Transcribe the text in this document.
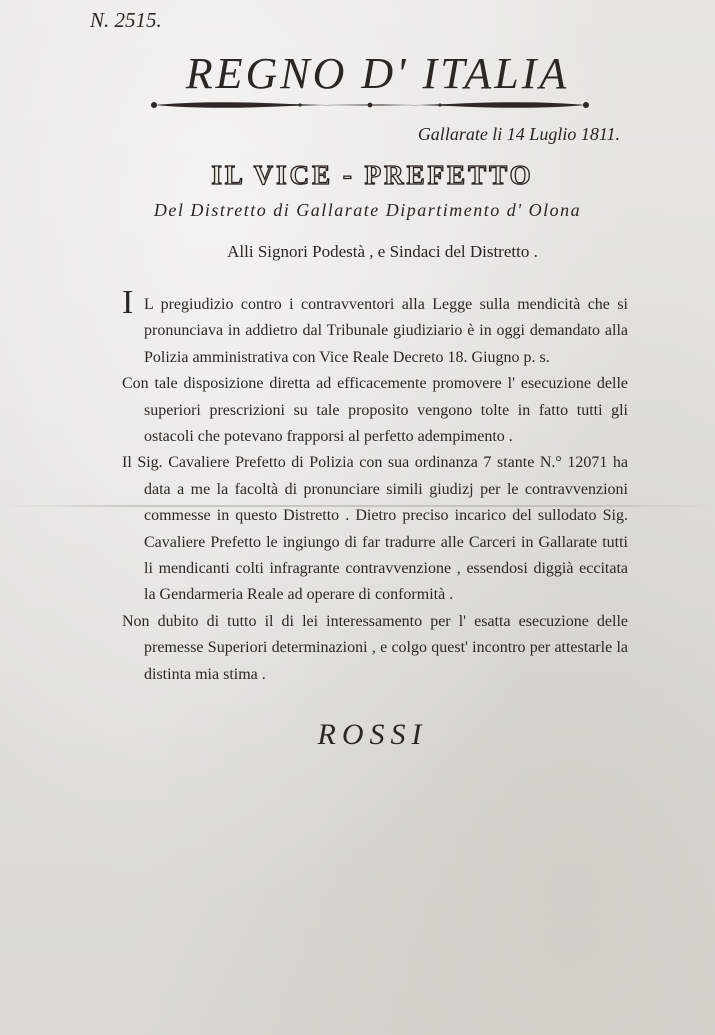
N. 2515.
REGNO D' ITALIA
Gallarate li 14 Luglio 1811.
IL VICE - PREFETTO
Del Distretto di Gallarate Dipartimento d' Olona
Alli Signori Podestà , e Sindaci del Distretto .
I L pregiudizio contro i contravventori alla Legge sulla mendicità che si pronunciava in addietro dal Tribunale giudiziario è in oggi demandato alla Polizia amministrativa con Vice Reale Decreto 18. Giugno p. s.

Con tale disposizione diretta ad efficacemente promovere l' esecuzione delle superiori prescrizioni su tale proposito vengono tolte in fatto tutti gli ostacoli che potevano frapporsi al perfetto adempimento .

Il Sig. Cavaliere Prefetto di Polizia con sua ordinanza 7 stante N.° 12071 ha data a me la facoltà di pronunciare simili giudizj per le contravvenzioni commesse in questo Distretto . Dietro preciso incarico del sullodato Sig. Cavaliere Prefetto le ingiungo di far tradurre alle Carceri in Gallarate tutti li mendicanti colti infragrante contravvenzione , essendosi diggià eccitata la Gendarmeria Reale ad operare di conformità .

Non dubito di tutto il di lei interessamento per l' esatta esecuzione delle premesse Superiori determinazioni , e colgo quest' incontro per attestarle la distinta mia stima .

ROSSI
